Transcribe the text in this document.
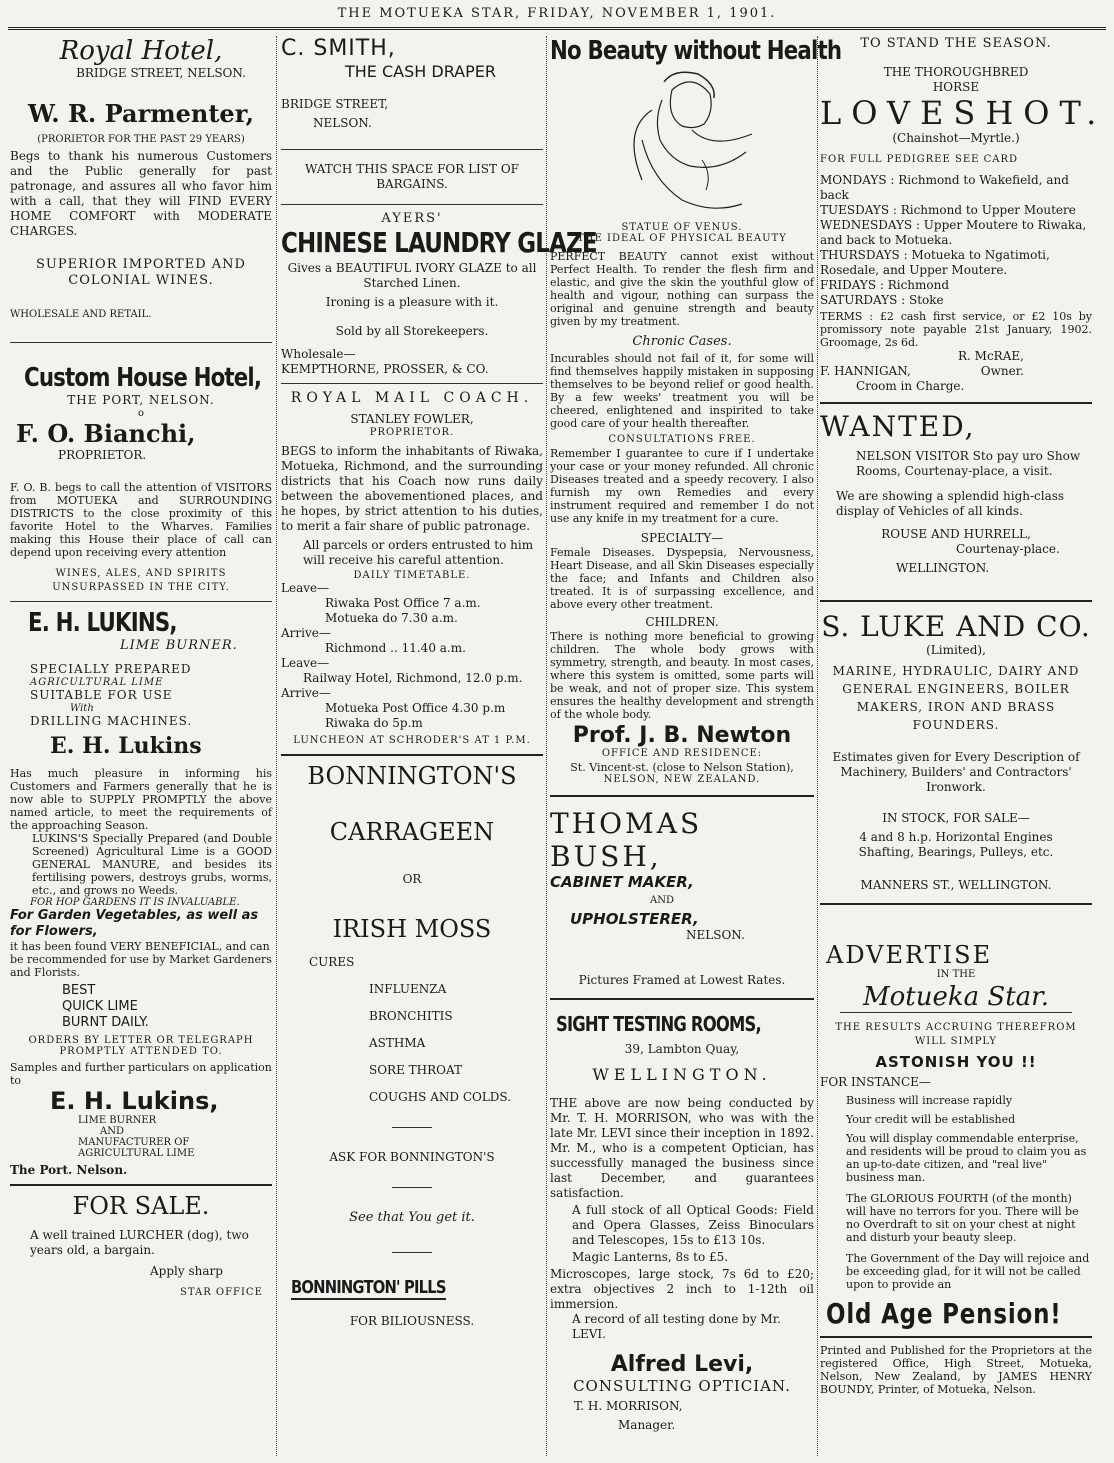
THE MOTUEKA STAR, FRIDAY, NOVEMBER 1, 1901.
Royal Hotel,
BRIDGE STREET, NELSON.
W. R. Parmenter,
(PRORIETOR FOR THE PAST 29 YEARS)

Begs to thank his numerous Customers and the Public generally for past patronage, and assures all who favor him with a call, that they will FIND EVERY HOME COMFORT with MODERATE CHARGES.

SUPERIOR IMPORTED AND
COLONIAL WINES.
WHOLESALE AND RETAIL.
Custom House Hotel,
THE PORT, NELSON.
o
F. O. Bianchi,
PROPRIETOR.

F. O. B. begs to call the attention of VISITORS from MOTUEKA and SURROUNDING DISTRICTS to the close proximity of this favorite Hotel to the Wharves. Families making this House their place of call can depend upon receiving every attention

WINES, ALES, AND SPIRITS UNSURPASSED IN THE CITY.
E. H. LUKINS,
LIME BURNER.
SPECIALLY PREPARED
AGRICULTURAL LIME
SUITABLE FOR USE
With
DRILLING MACHINES.
E. H. Lukins

Has much pleasure in informing his Customers and Farmers generally that he is now able to SUPPLY PROMPTLY the above named article, to meet the requirements of the approaching Season.

LUKINS'S Specially Prepared (and Double Screened) Agricultural Lime is a GOOD GENERAL MANURE, and besides its fertilising powers, destroys grubs, worms, etc., and grows no Weeds.

FOR HOP GARDENS IT IS INVALUABLE.
For Garden Vegetables, as well as for Flowers,

it has been found VERY BENEFICIAL, and can be recommended for use by Market Gardeners and Florists.

BEST
QUICK LIME
BURNT DAILY.
ORDERS BY LETTER OR TELEGRAPH PROMPTLY ATTENDED TO.

Samples and further particulars on application to

E. H. Lukins,
LIME BURNER
AND
MANUFACTURER OF
AGRICULTURAL LIME
The Port. Nelson.
FOR SALE.

A well trained LURCHER (dog), two years old, a bargain.

Apply sharp
STAR OFFICE
C. SMITH,
THE CASH DRAPER
BRIDGE STREET,
NELSON.
WATCH THIS SPACE FOR LIST OF BARGAINS.
AYERS'
CHINESE LAUNDRY GLAZE

Gives a BEAUTIFUL IVORY GLAZE to all Starched Linen.

Ironing is a pleasure with it.
Sold by all Storekeepers.
Wholesale—
KEMPTHORNE, PROSSER, & CO.
ROYAL MAIL COACH.
STANLEY FOWLER,
PROPRIETOR.

BEGS to inform the inhabitants of Riwaka, Motueka, Richmond, and the surrounding districts that his Coach now runs daily between the abovementioned places, and he hopes, by strict attention to his duties, to merit a fair share of public patronage.

All parcels or orders entrusted to him will receive his careful attention.

DAILY TIMETABLE.
Leave—
Riwaka Post Office 7 a.m.
Motueka do 7.30 a.m.
Arrive—
Richmond .. 11.40 a.m.
Leave—
Railway Hotel, Richmond, 12.0 p.m.
Arrive—
Motueka Post Office 4.30 p.m
Riwaka do 5p.m
LUNCHEON AT SCHRODER'S AT 1 P.M.
BONNINGTON'S
CARRAGEEN
OR
IRISH MOSS
CURES
INFLUENZA
BRONCHITIS
ASTHMA
SORE THROAT
COUGHS AND COLDS.
ASK FOR BONNINGTON'S
See that You get it.
BONNINGTON' PILLS
FOR BILIOUSNESS.
No Beauty without Health
STATUE OF VENUS.
THE IDEAL OF PHYSICAL BEAUTY

PERFECT BEAUTY cannot exist without Perfect Health. To render the flesh firm and elastic, and give the skin the youthful glow of health and vigour, nothing can surpass the original and genuine strength and beauty given by my treatment.

Chronic Cases.

Incurables should not fail of it, for some will find themselves happily mistaken in supposing themselves to be beyond relief or good health. By a few weeks' treatment you will be cheered, enlightened and inspirited to take good care of your health thereafter.

CONSULTATIONS FREE.

Remember I guarantee to cure if I undertake your case or your money refunded. All chronic Diseases treated and a speedy recovery. I also furnish my own Remedies and every instrument required and remember I do not use any knife in my treatment for a cure.

SPECIALTY—

Female Diseases. Dyspepsia, Nervousness, Heart Disease, and all Skin Diseases especially the face; and Infants and Children also treated. It is of surpassing excellence, and above every other treatment.

CHILDREN.

There is nothing more beneficial to growing children. The whole body grows with symmetry, strength, and beauty. In most cases, where this system is omitted, some parts will be weak, and not of proper size. This system ensures the healthy development and strength of the whole body.

Prof. J. B. Newton
OFFICE AND RESIDENCE:
St. Vincent-st. (close to Nelson Station),
NELSON, NEW ZEALAND.
THOMAS BUSH,
CABINET MAKER,
AND
UPHOLSTERER,
NELSON.
Pictures Framed at Lowest Rates.
SIGHT TESTING ROOMS,
39, Lambton Quay,
WELLINGTON.

THE above are now being conducted by Mr. T. H. MORRISON, who was with the late Mr. LEVI since their inception in 1892. Mr. M., who is a competent Optician, has successfully managed the business since last December, and guarantees satisfaction.

A full stock of all Optical Goods: Field and Opera Glasses, Zeiss Binoculars and Telescopes, 15s to £13 10s.

Magic Lanterns, 8s to £5.

Microscopes, large stock, 7s 6d to £20; extra objectives 2 inch to 1-12th oil immersion.

A record of all testing done by Mr. LEVI.

Alfred Levi,
CONSULTING OPTICIAN.
T. H. MORRISON,
Manager.
TO STAND THE SEASON.
THE THOROUGHBRED HORSE
LOVESHOT.
(Chainshot—Myrtle.)
FOR FULL PEDIGREE SEE CARD

MONDAYS : Richmond to Wakefield, and back

TUESDAYS : Richmond to Upper Moutere

WEDNESDAYS : Upper Moutere to Riwaka, and back to Motueka.

THURSDAYS : Motueka to Ngatimoti, Rosedale, and Upper Moutere.

FRIDAYS : Richmond

SATURDAYS : Stoke

TERMS : £2 cash first service, or £2 10s by promissory note payable 21st January, 1902. Groomage, 2s 6d.

R. McRAE,
F. HANNIGAN,	Owner.
Croom in Charge.
WANTED,

NELSON VISITOR Sto pay uro Show Rooms, Courtenay-place, a visit.

We are showing a splendid high-class display of Vehicles of all kinds.

ROUSE AND HURRELL,
Courtenay-place.
WELLINGTON.
S. LUKE AND CO.
(Limited),

MARINE, HYDRAULIC, DAIRY AND GENERAL ENGINEERS, BOILER MAKERS, IRON AND BRASS FOUNDERS.

Estimates given for Every Description of Machinery, Builders' and Contractors' Ironwork.

IN STOCK, FOR SALE—

4 and 8 h.p. Horizontal Engines Shafting, Bearings, Pulleys, etc.

MANNERS ST., WELLINGTON.
ADVERTISE
IN THE
Motueka Star.
THE RESULTS ACCRUING THEREFROM WILL SIMPLY
ASTONISH YOU !!
FOR INSTANCE—
Business will increase rapidly
Your credit will be established

You will display commendable enterprise, and residents will be proud to claim you as an up-to-date citizen, and "real live" business man.

The GLORIOUS FOURTH (of the month) will have no terrors for you. There will be no Overdraft to sit on your chest at night and disturb your beauty sleep.

The Government of the Day will rejoice and be exceeding glad, for it will not be called upon to provide an

Old Age Pension!

Printed and Published for the Proprietors at the registered Office, High Street, Motueka, Nelson, New Zealand, by JAMES HENRY BOUNDY, Printer, of Motueka, Nelson.
